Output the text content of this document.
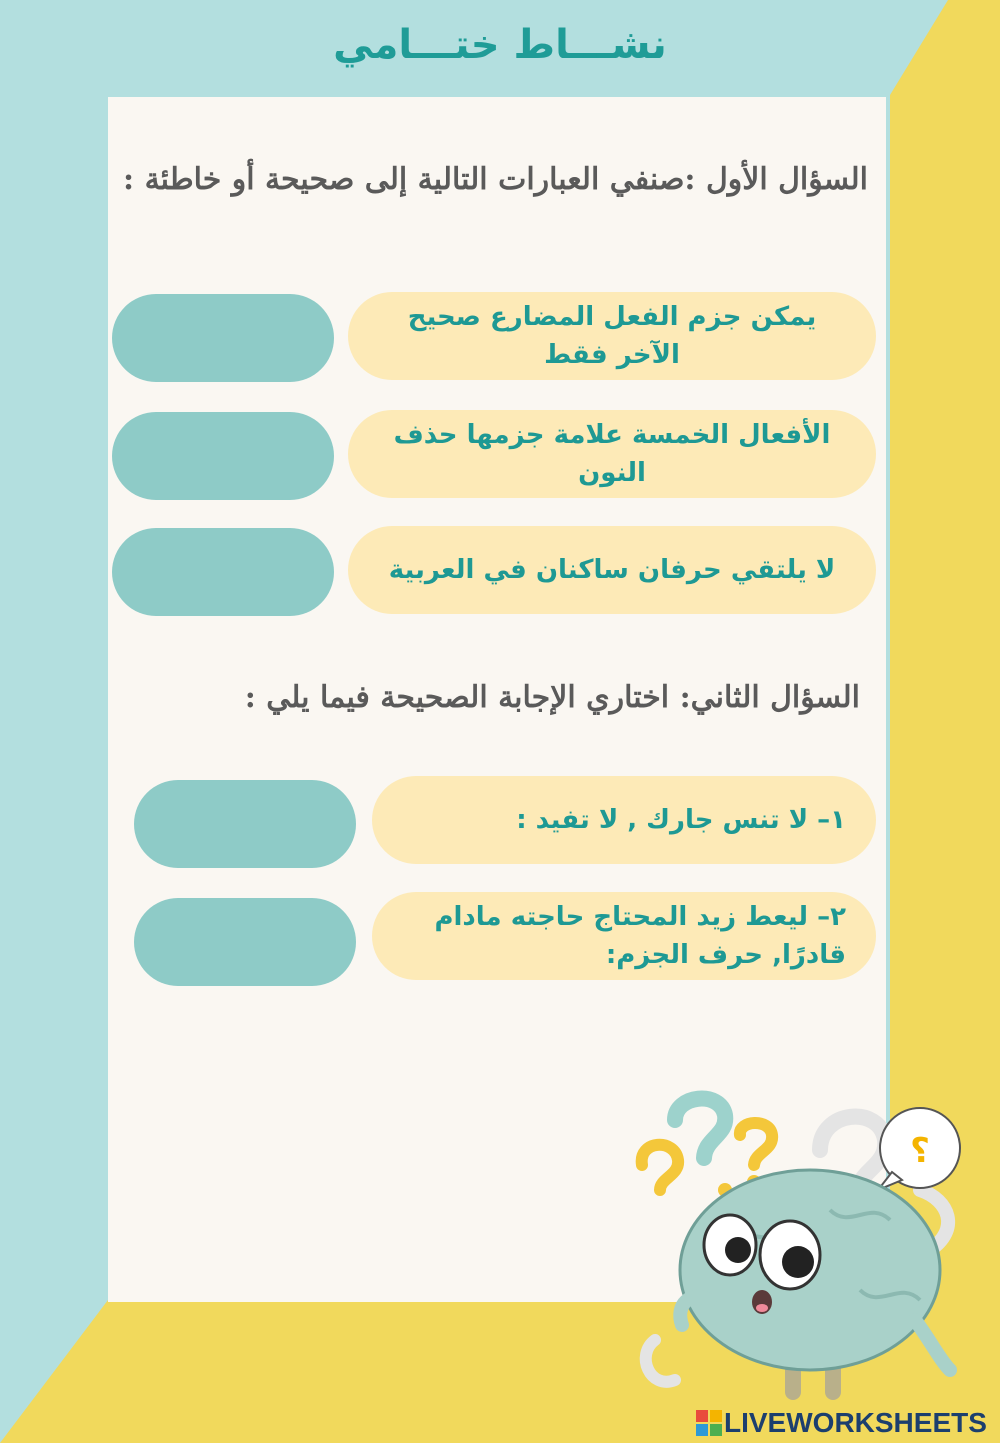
نشـــاط ختـــامي
السؤال الأول :صنفي العبارات التالية إلى صحيحة أو خاطئة :
يمكن جزم الفعل المضارع صحيح الآخر فقط
الأفعال الخمسة علامة جزمها حذف النون
لا يلتقي حرفان ساكنان في العربية
السؤال الثاني: اختاري الإجابة الصحيحة فيما يلي :
١– لا تنس جارك , لا تفيد :
٢– ليعط زيد المحتاج حاجته مادام قادرًا, حرف الجزم:
؟
LIVEWORKSHEETS
